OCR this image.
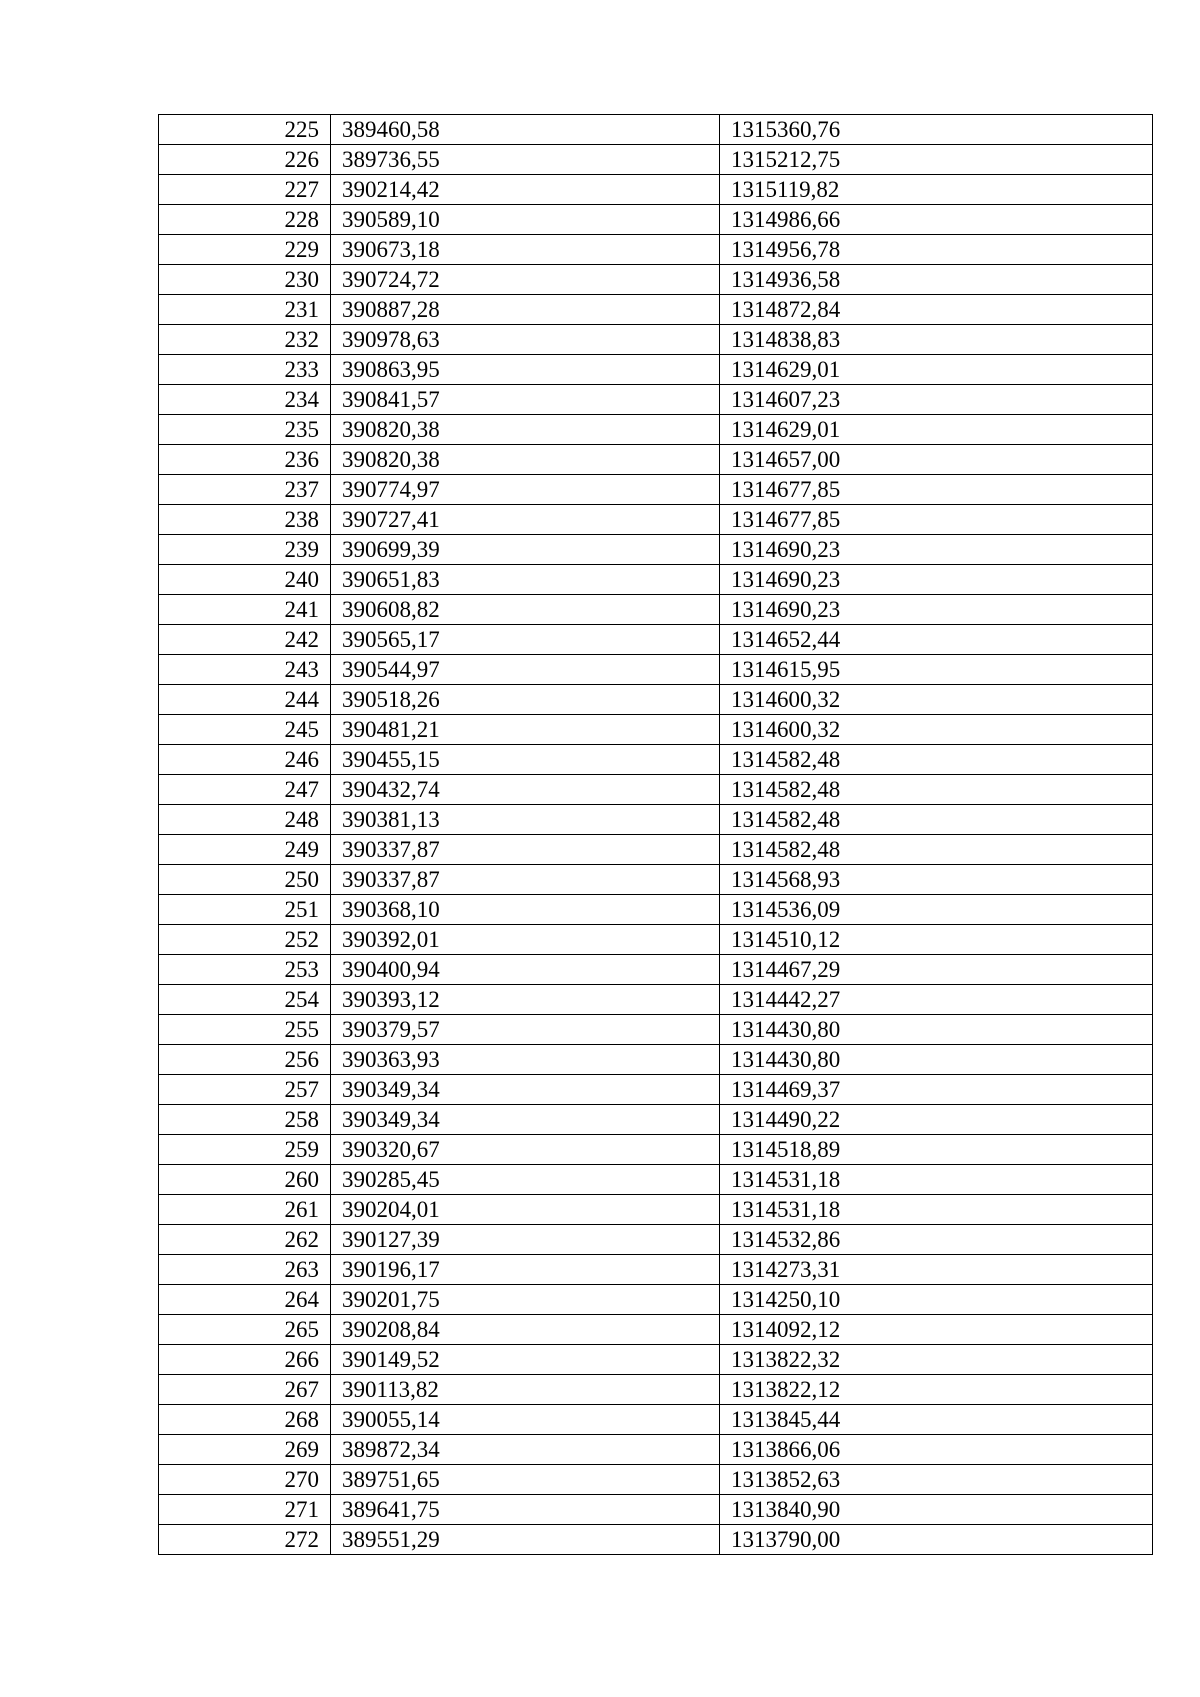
225	389460,58	1315360,76
226	389736,55	1315212,75
227	390214,42	1315119,82
228	390589,10	1314986,66
229	390673,18	1314956,78
230	390724,72	1314936,58
231	390887,28	1314872,84
232	390978,63	1314838,83
233	390863,95	1314629,01
234	390841,57	1314607,23
235	390820,38	1314629,01
236	390820,38	1314657,00
237	390774,97	1314677,85
238	390727,41	1314677,85
239	390699,39	1314690,23
240	390651,83	1314690,23
241	390608,82	1314690,23
242	390565,17	1314652,44
243	390544,97	1314615,95
244	390518,26	1314600,32
245	390481,21	1314600,32
246	390455,15	1314582,48
247	390432,74	1314582,48
248	390381,13	1314582,48
249	390337,87	1314582,48
250	390337,87	1314568,93
251	390368,10	1314536,09
252	390392,01	1314510,12
253	390400,94	1314467,29
254	390393,12	1314442,27
255	390379,57	1314430,80
256	390363,93	1314430,80
257	390349,34	1314469,37
258	390349,34	1314490,22
259	390320,67	1314518,89
260	390285,45	1314531,18
261	390204,01	1314531,18
262	390127,39	1314532,86
263	390196,17	1314273,31
264	390201,75	1314250,10
265	390208,84	1314092,12
266	390149,52	1313822,32
267	390113,82	1313822,12
268	390055,14	1313845,44
269	389872,34	1313866,06
270	389751,65	1313852,63
271	389641,75	1313840,90
272	389551,29	1313790,00
